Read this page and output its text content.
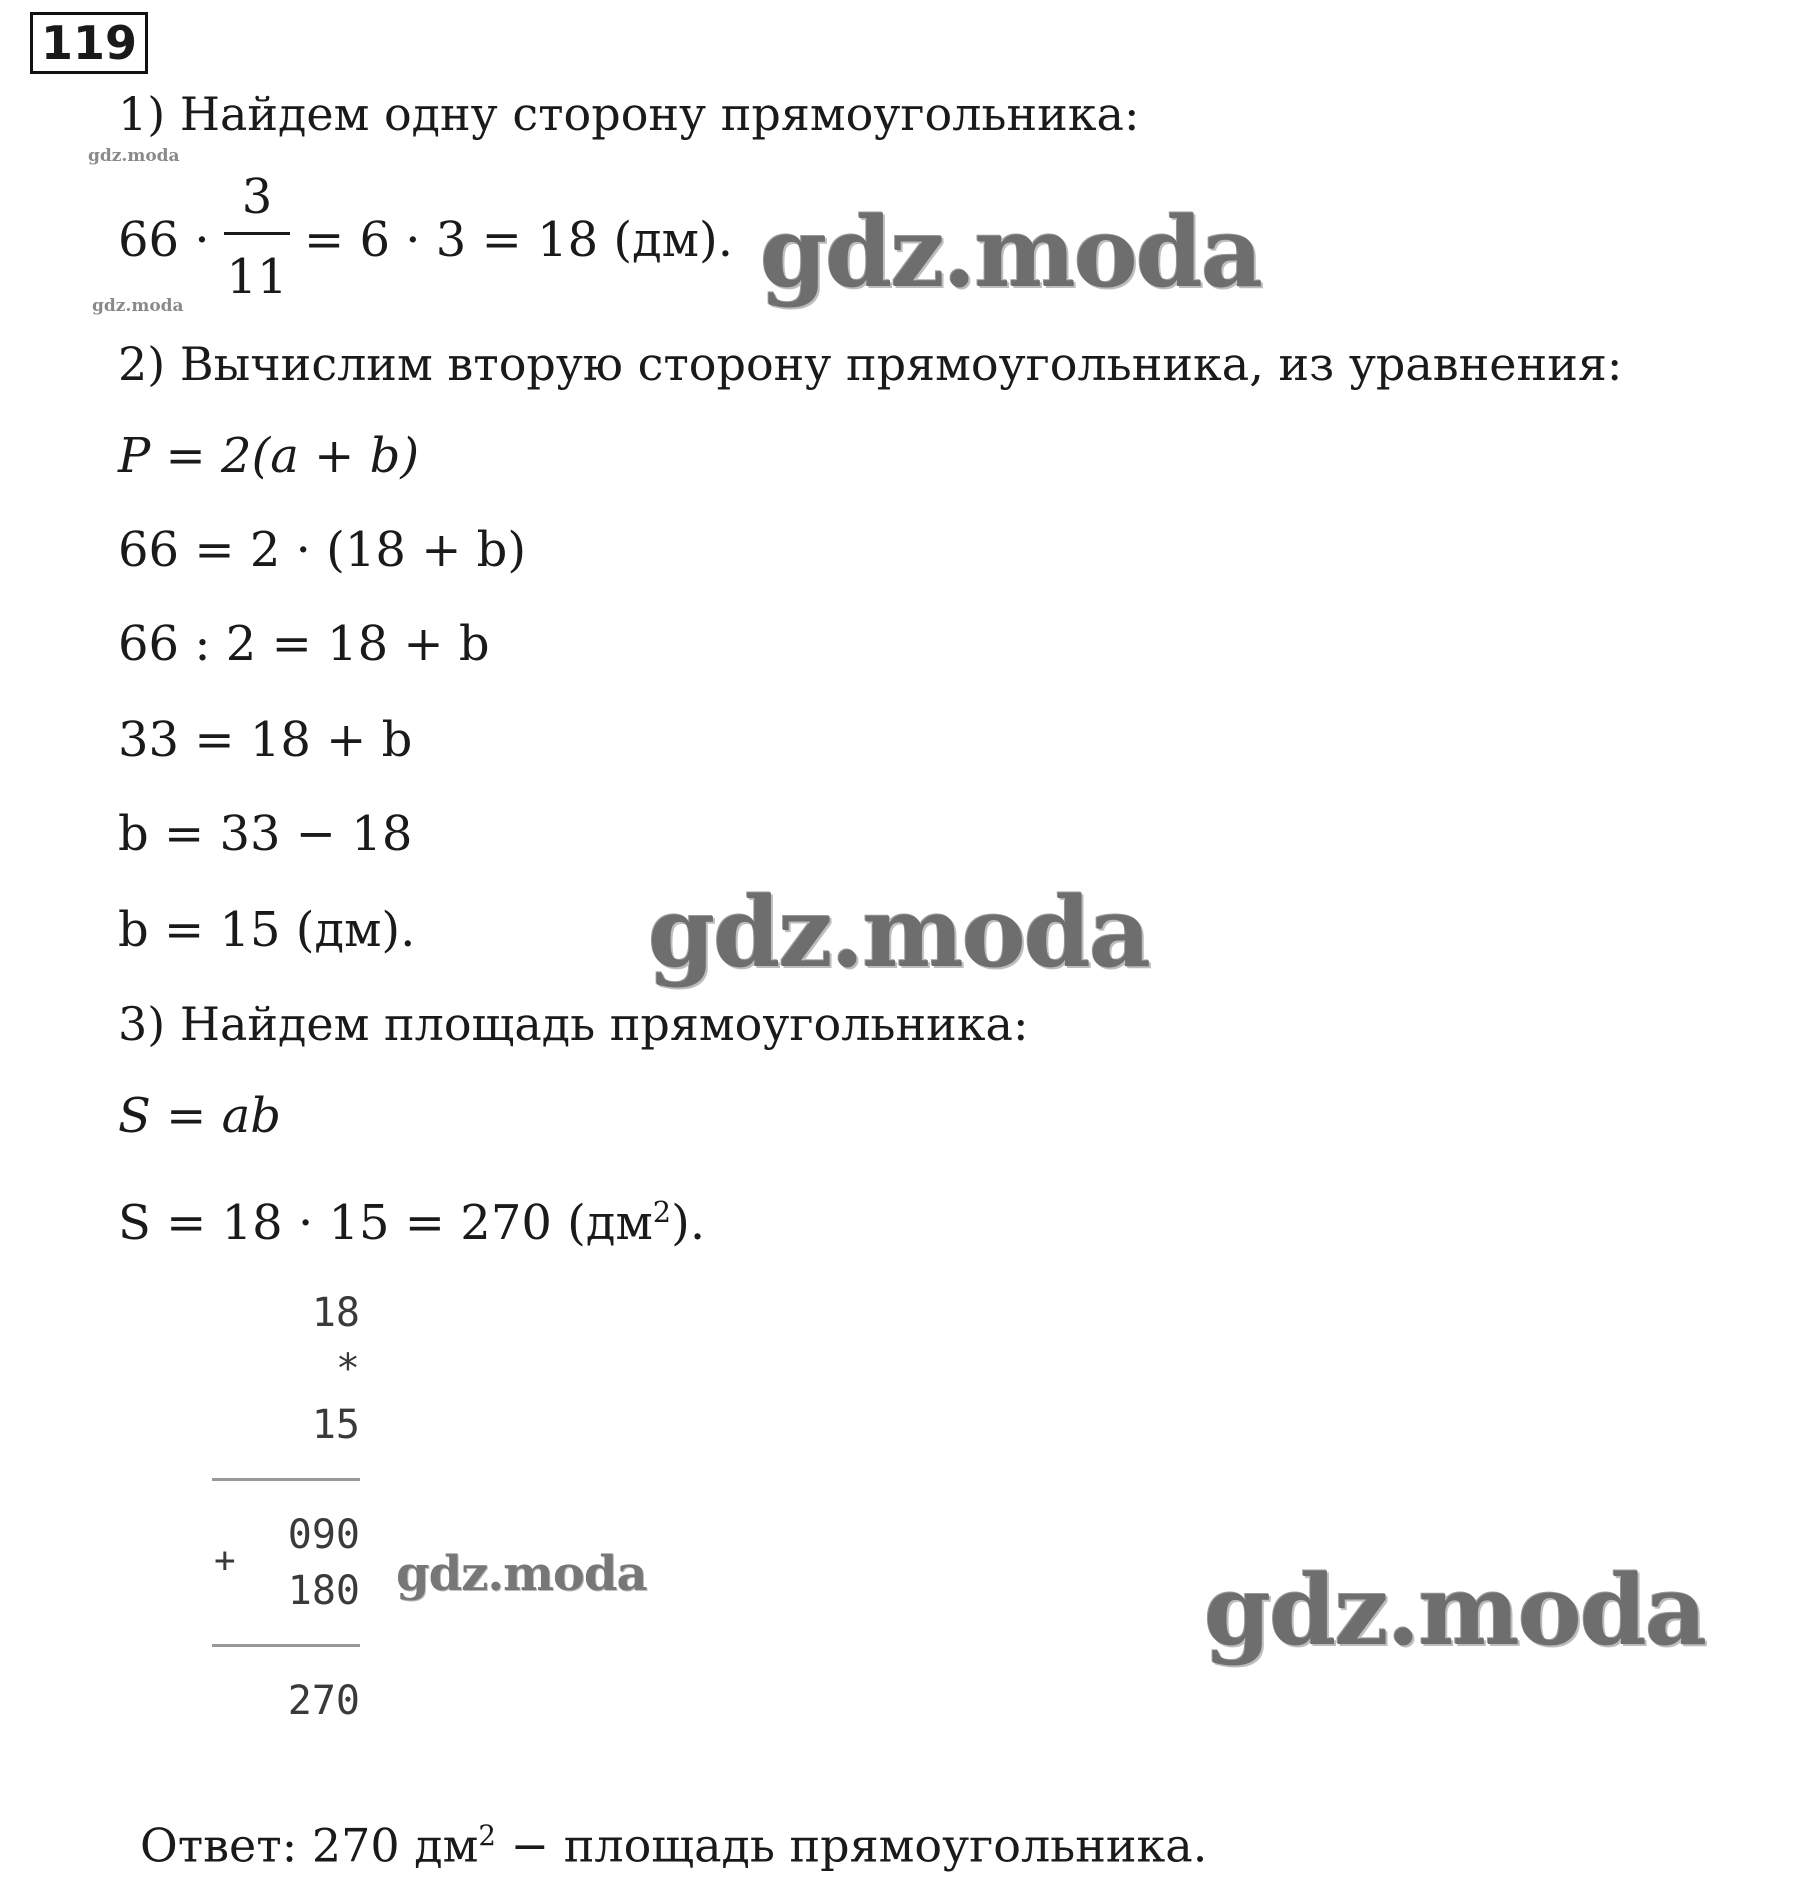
119
1) Найдем одну сторону прямоугольника:
gdz.moda
66 ·
3
11
= 6 · 3 = 18 (дм). gdz.moda
gdz.moda
2) Вычислим вторую сторону прямоугольника, из уравнения:
P = 2(a + b)
66 = 2 · (18 + b)
66 : 2 = 18 + b
33 = 18 + b
b = 33 − 18
b = 15 (дм). gdz.moda
3) Найдем площадь прямоугольника:
S = ab
S = 18 · 15 = 270 $(дм^2)$.
18
*
15
090
+
180 gdz.moda
270
gdz.moda
Ответ: 270 $дм^2$ − площадь прямоугольника.
